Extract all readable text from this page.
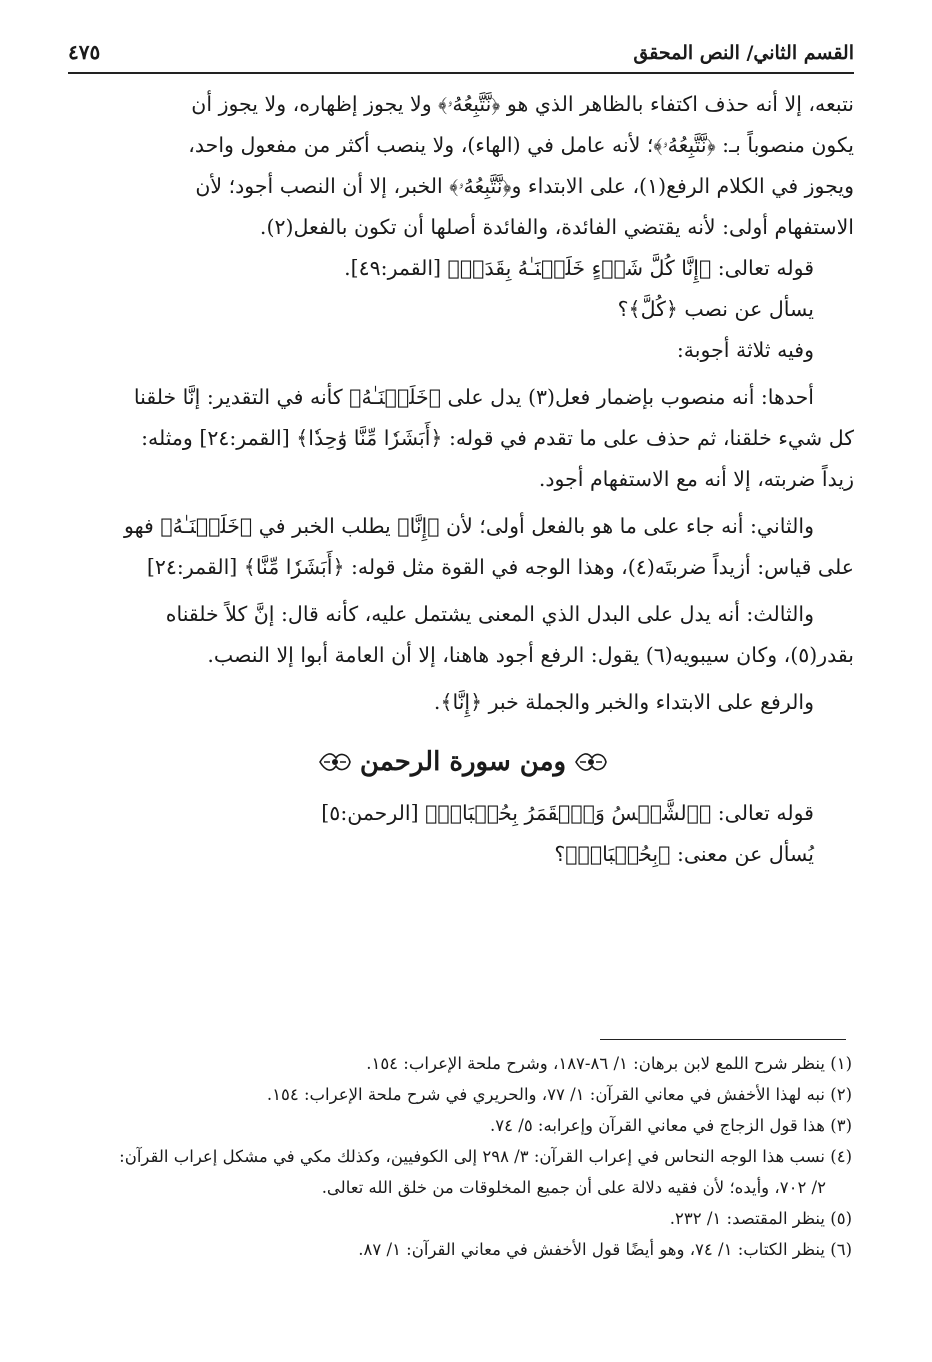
القسم الثاني/ النص المحقق
٤٧٥

نتبعه، إلا أنه حذف اكتفاء بالظاهر الذي هو ﴿نَّتَّبِعُهُۥ﴾ ولا يجوز إظهاره، ولا يجوز أن

يكون منصوباً بـ: ﴿نَّتَّبِعُهُۥ﴾؛ لأنه عامل في (الهاء)، ولا ينصب أكثر من مفعول واحد،

ويجوز في الكلام الرفع(١)، على الابتداء و﴿نَّتَّبِعُهُۥ﴾ الخبر، إلا أن النصب أجود؛ لأن

الاستفهام أولى: لأنه يقتضي الفائدة، والفائدة أصلها أن تكون بالفعل(٢).

قوله تعالى: ﴿إِنَّا كُلَّ شَيۡءٍ خَلَقۡنَـٰهُ بِقَدَرٖ﴾ [القمر:٤٩].

يسأل عن نصب ﴿كُلَّ﴾؟

وفيه ثلاثة أجوبة:

أحدها: أنه منصوب بإضمار فعل(٣) يدل على ﴿خَلَقۡنَـٰهُ﴾ كأنه في التقدير: إنَّا خلقنا

كل شيء خلقنا، ثم حذف على ما تقدم في قوله: ﴿أَبَشَرٗا مِّنَّا وَٰحِدٗا﴾ [القمر:٢٤] ومثله:

زيداً ضربته، إلا أنه مع الاستفهام أجود.

والثاني: أنه جاء على ما هو بالفعل أولى؛ لأن ﴿إِنَّا﴾ يطلب الخبر في ﴿خَلَقۡنَـٰهُ﴾ فهو

على قياس: أزيداً ضربتَه(٤)، وهذا الوجه في القوة مثل قوله: ﴿أَبَشَرٗا مِّنَّا﴾ [القمر:٢٤]

والثالث: أنه يدل على البدل الذي المعنى يشتمل عليه، كأنه قال: إنَّ كلاً خلقناه

بقدر(٥)، وكان سيبويه(٦) يقول: الرفع أجود هاهنا، إلا أن العامة أبوا إلا النصب.

والرفع على الابتداء والخبر والجملة خبر ﴿إِنَّا﴾.

ومن سورة الرحمن

قوله تعالى: ﴿ٱلشَّمۡسُ وَٱلۡقَمَرُ بِحُسۡبَانٖ﴾ [الرحمن:٥]

يُسأل عن معنى: ﴿بِحُسۡبَانٖ﴾؟

(١) ينظر شرح اللمع لابن برهان: ١/ ٨٦-١٨٧، وشرح ملحة الإعراب: ١٥٤.

(٢) نبه لهذا الأخفش في معاني القرآن: ١/ ٧٧، والحريري في شرح ملحة الإعراب: ١٥٤.

(٣) هذا قول الزجاج في معاني القرآن وإعرابه: ٥/ ٧٤.

(٤) نسب هذا الوجه النحاس في إعراب القرآن: ٣/ ٢٩٨ إلى الكوفيين، وكذلك مكي في مشكل إعراب القرآن:

٢/ ٧٠٢، وأيده؛ لأن فقيه دلالة على أن جميع المخلوقات من خلق الله تعالى.

(٥) ينظر المقتصد: ١/ ٢٣٢.

(٦) ينظر الكتاب: ١/ ٧٤، وهو أيضًا قول الأخفش في معاني القرآن: ١/ ٨٧.
